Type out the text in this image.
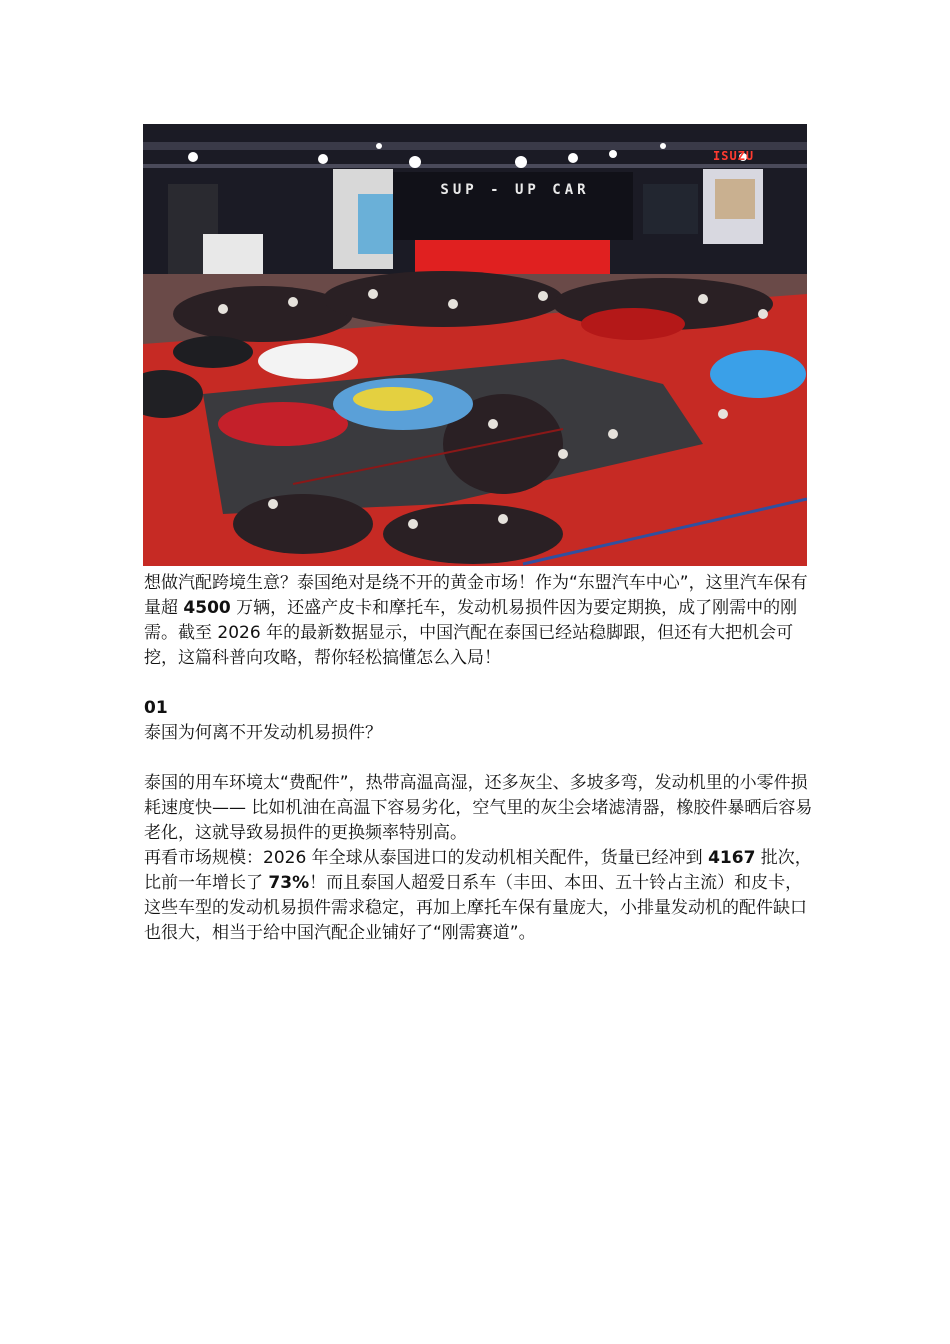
SUP - UP CAR
ISUZU

想做汽配跨境生意？泰国绝对是绕不开的黄金市场！作为“东盟汽车中心”，这里汽车保有量超 4500 万辆，还盛产皮卡和摩托车，发动机易损件因为要定期换，成了刚需中的刚需。截至 2026 年的最新数据显示，中国汽配在泰国已经站稳脚跟，但还有大把机会可挖，这篇科普向攻略，帮你轻松搞懂怎么入局！

01

泰国为何离不开发动机易损件？

泰国的用车环境太“费配件”，热带高温高湿，还多灰尘、多坡多弯，发动机里的小零件损耗速度快—— 比如机油在高温下容易劣化，空气里的灰尘会堵滤清器，橡胶件暴晒后容易老化，这就导致易损件的更换频率特别高。

再看市场规模：2026 年全球从泰国进口的发动机相关配件，货量已经冲到 4167 批次，比前一年增长了 73%！而且泰国人超爱日系车（丰田、本田、五十铃占主流）和皮卡，这些车型的发动机易损件需求稳定，再加上摩托车保有量庞大，小排量发动机的配件缺口也很大，相当于给中国汽配企业铺好了“刚需赛道”。
